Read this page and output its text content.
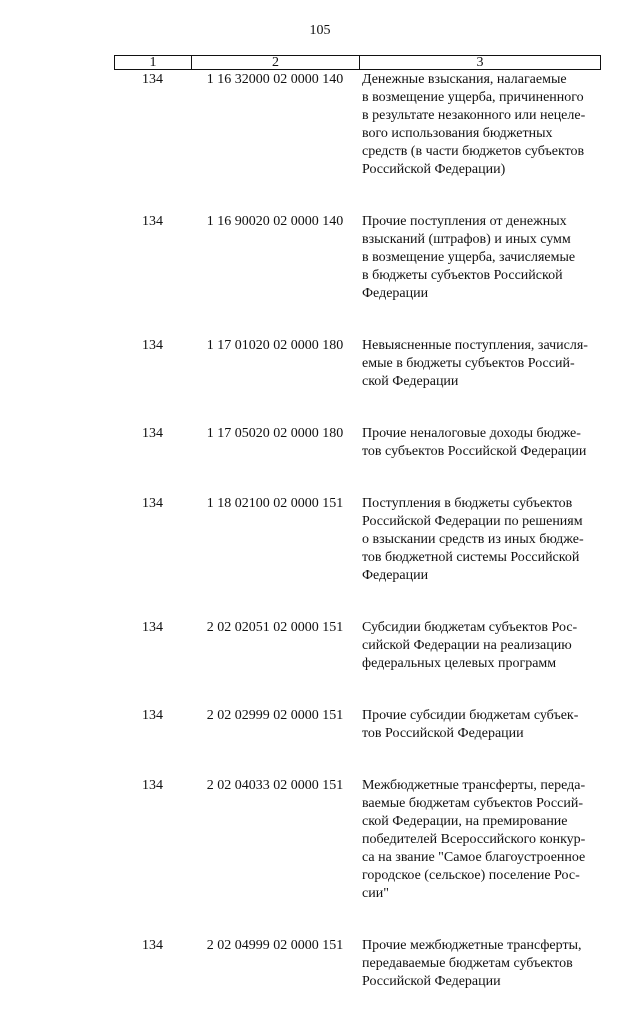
105
1	2	3
134	1 16 32000 02 0000 140	Денежные взыскания, налагаемые
в возмещение ущерба, причиненного
в результате незаконного или нецеле-
вого использования бюджетных
средств (в части бюджетов субъектов
Российской Федерации)
134	1 16 90020 02 0000 140	Прочие поступления от денежных
взысканий (штрафов) и иных сумм
в возмещение ущерба, зачисляемые
в бюджеты субъектов Российской
Федерации
134	1 17 01020 02 0000 180	Невыясненные поступления, зачисля-
емые в бюджеты субъектов Россий-
ской Федерации
134	1 17 05020 02 0000 180	Прочие неналоговые доходы бюдже-
тов субъектов Российской Федерации
134	1 18 02100 02 0000 151	Поступления в бюджеты субъектов
Российской Федерации по решениям
о взыскании средств из иных бюдже-
тов бюджетной системы Российской
Федерации
134	2 02 02051 02 0000 151	Субсидии бюджетам субъектов Рос-
сийской Федерации на реализацию
федеральных целевых программ
134	2 02 02999 02 0000 151	Прочие субсидии бюджетам субъек-
тов Российской Федерации
134	2 02 04033 02 0000 151	Межбюджетные трансферты, переда-
ваемые бюджетам субъектов Россий-
ской Федерации, на премирование
победителей Всероссийского конкур-
са на звание "Самое благоустроенное
городское (сельское) поселение Рос-
сии"
134	2 02 04999 02 0000 151	Прочие межбюджетные трансферты,
передаваемые бюджетам субъектов
Российской Федерации
